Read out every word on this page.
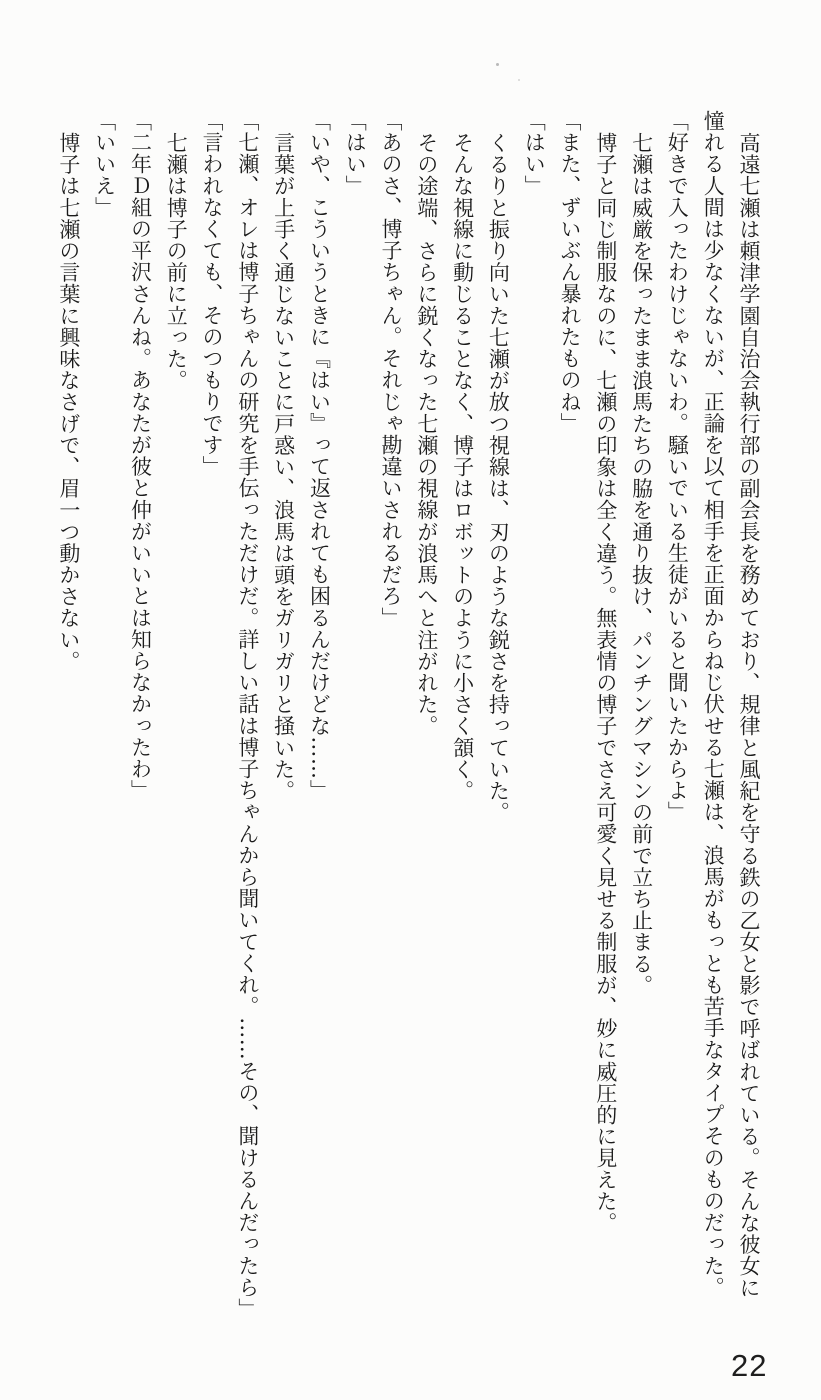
高遠七瀬は頼津学園自治会執行部の副会長を務めており、規律と風紀を守る鉄の乙女と影で呼ばれている。そんな彼女に

憧れる人間は少なくないが、正論を以て相手を正面からねじ伏せる七瀬は、浪馬がもっとも苦手なタイプそのものだった。

「好きで入ったわけじゃないわ。騒いでいる生徒がいると聞いたからよ」

七瀬は威厳を保ったまま浪馬たちの脇を通り抜け、パンチングマシンの前で立ち止まる。

博子と同じ制服なのに、七瀬の印象は全く違う。無表情の博子でさえ可愛く見せる制服が、妙に威圧的に見えた。

「また、ずいぶん暴れたものね」

「はい」

くるりと振り向いた七瀬が放つ視線は、刃のような鋭さを持っていた。

そんな視線に動じることなく、博子はロボットのように小さく頷く。

その途端、さらに鋭くなった七瀬の視線が浪馬へと注がれた。

「あのさ、博子ちゃん。それじゃ勘違いされるだろ」

「はい」

「いや、こういうときに『はい』って返されても困るんだけどな……」

言葉が上手く通じないことに戸惑い、浪馬は頭をガリガリと掻いた。

「七瀬、オレは博子ちゃんの研究を手伝っただけだ。詳しい話は博子ちゃんから聞いてくれ。……その、聞けるんだったら」

「言われなくても、そのつもりです」

七瀬は博子の前に立った。

「二年Ｄ組の平沢さんね。あなたが彼と仲がいいとは知らなかったわ」

「いいえ」

博子は七瀬の言葉に興味なさげで、眉一つ動かさない。

22
